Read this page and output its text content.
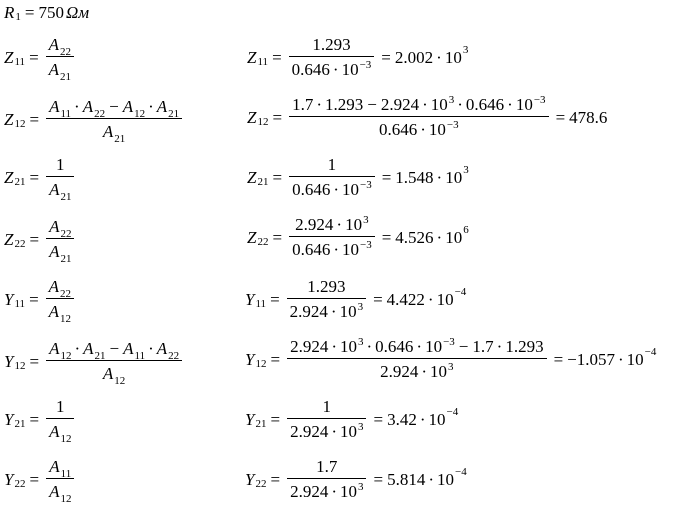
R 1 = 750 Ωм
Z $11 = \frac{A 22}{A 21}$	Z $11 = \frac{1.293}{0.646 \cdot 10 -3} = 2.002 \cdot 10$ 3
Z $12 = \frac{A 11 \cdot A 22 - A 12 \cdot A 21}{A 21}$	Z $12 = \frac{1.7 \cdot 1.293 - 2.924 \cdot 10 3 \cdot 0.646 \cdot 10 -3}{0.646 \cdot 10 -3} = 478.6$
Z $21 = \frac{1}{A 21}$	Z $21 = \frac{1}{0.646 \cdot 10 -3} = 1.548 \cdot 10$ 3
Z $22 = \frac{A 22}{A 21}$	Z $22 = \frac{2.924 \cdot 10 3}{0.646 \cdot 10 -3} = 4.526 \cdot 10$ 6
Y $11 = \frac{A 22}{A 12}$	Y $11 = \frac{1.293}{2.924 \cdot 10 3} = 4.422 \cdot 10 -4$
Y $12 = \frac{A 12 \cdot A 21 - A 11 \cdot A 22}{A 12}$	Y $12 = \frac{2.924 \cdot 10 3 \cdot 0.646 \cdot 10 -3 - 1.7 \cdot 1.293}{2.924 \cdot 10 3} = -1.057 \cdot 10 -4$
Y $21 = \frac{1}{A 12}$	Y $21 = \frac{1}{2.924 \cdot 10 3} = 3.42 \cdot 10 -4$
Y $22 = \frac{A 11}{A 12}$	Y $22 = \frac{1.7}{2.924 \cdot 10 3} = 5.814 \cdot 10 -4$
